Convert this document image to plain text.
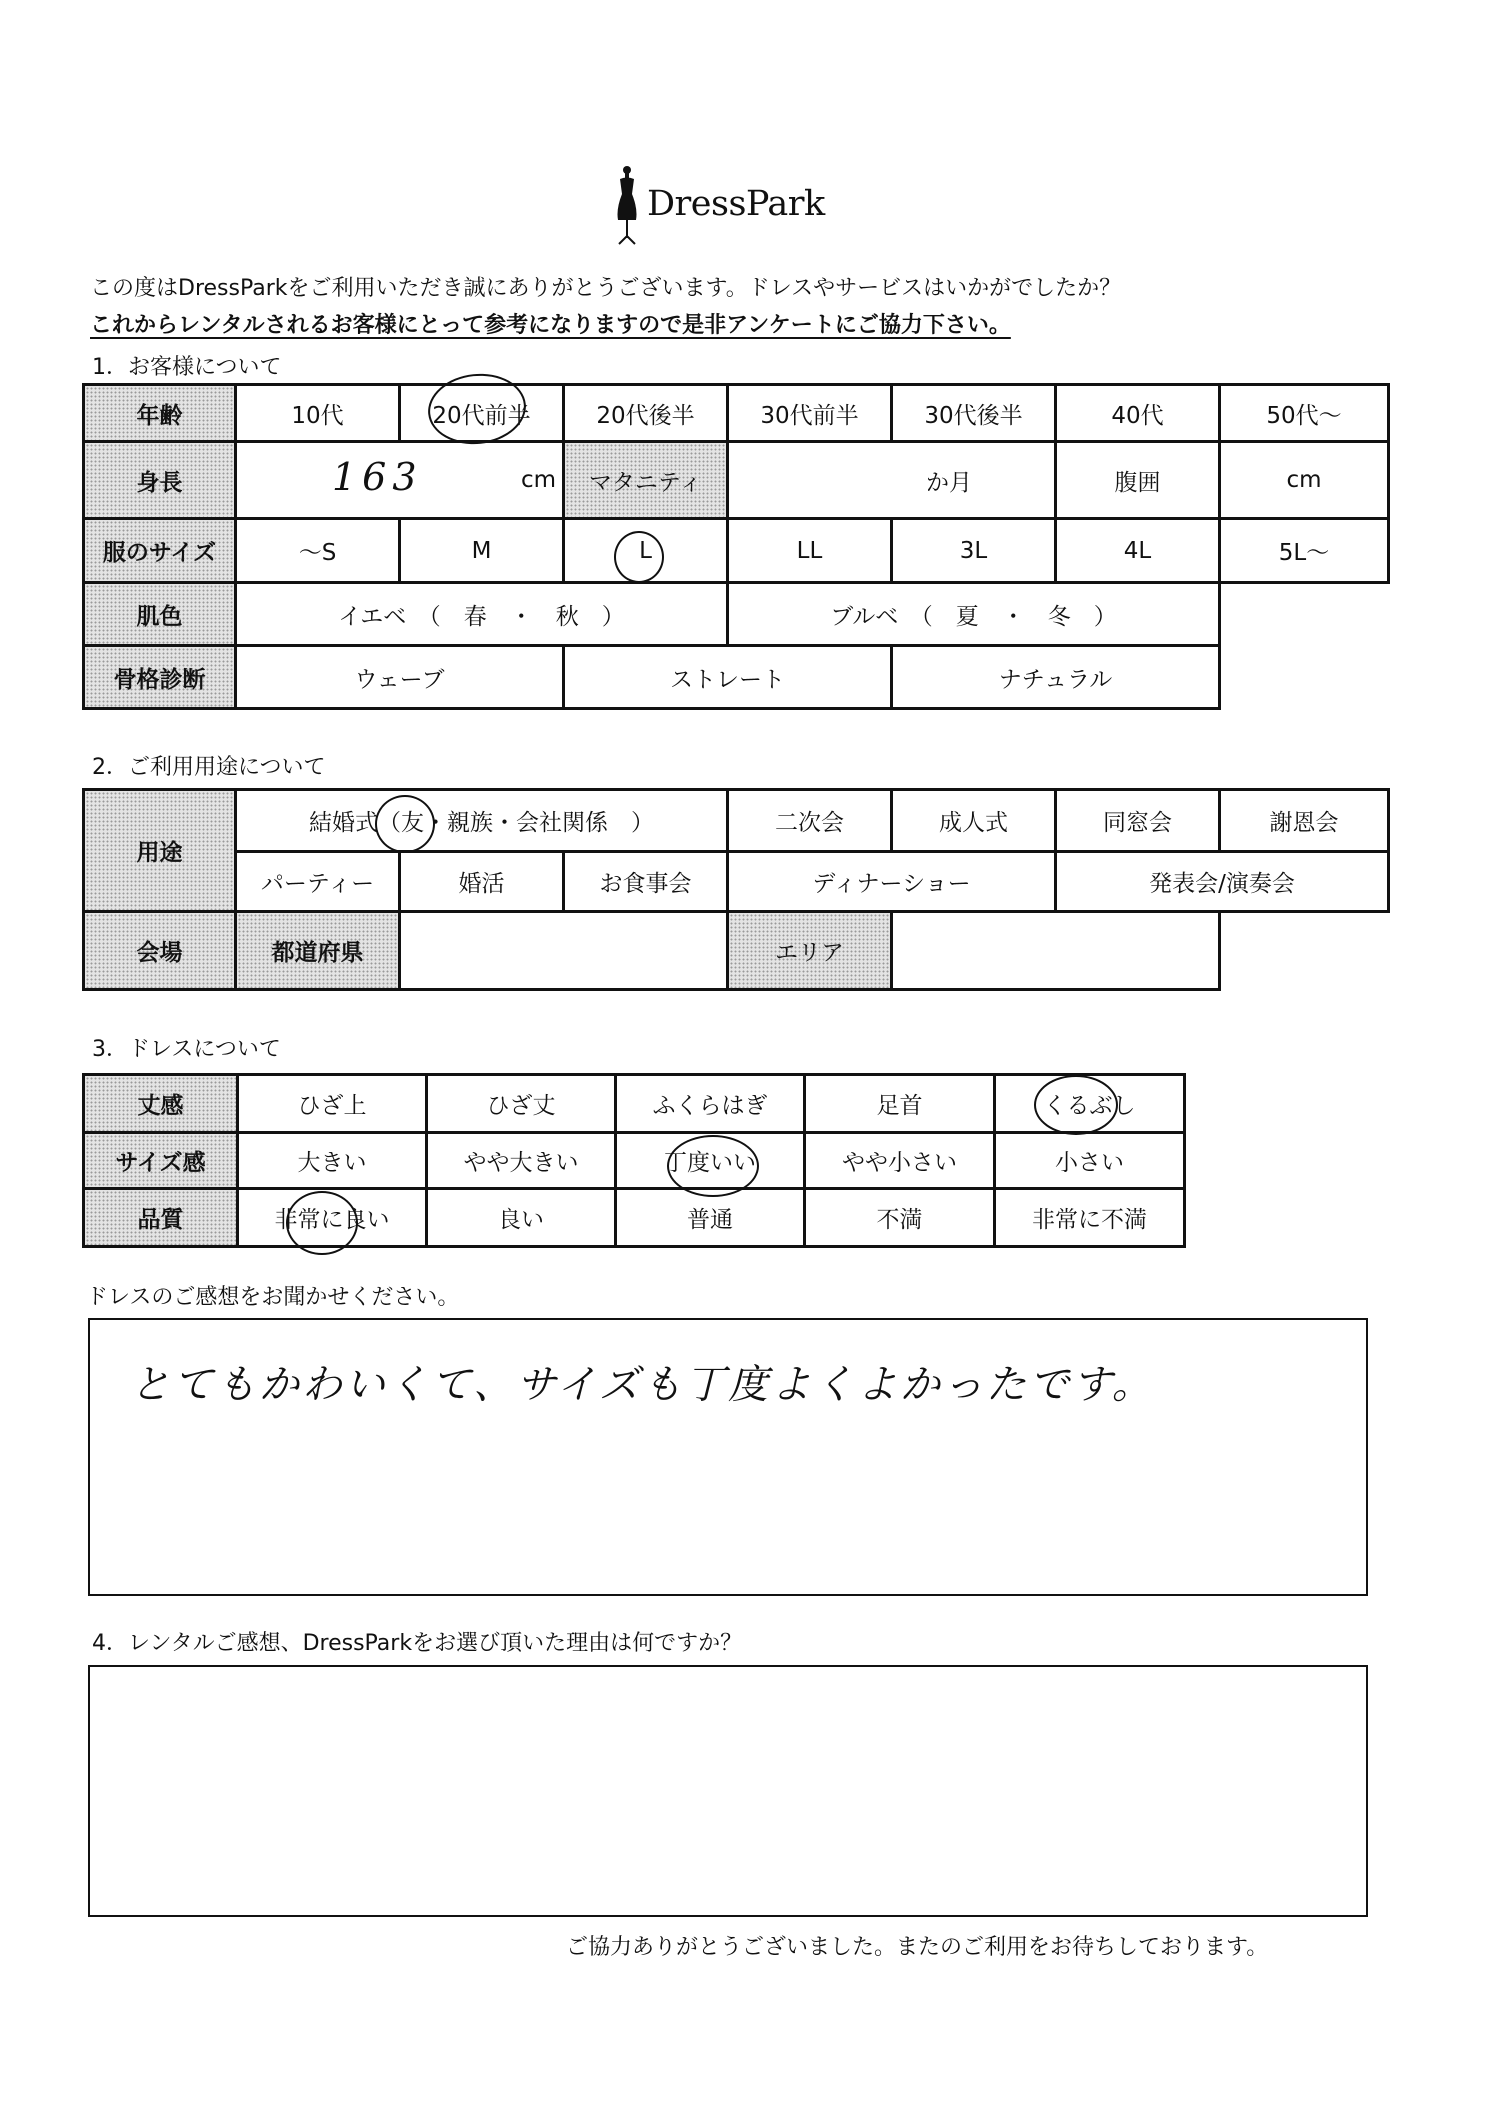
DressPark
この度はDressParkをご利用いただき誠にありがとうございます。ドレスやサービスはいかがでしたか？
これからレンタルされるお客様にとって参考になりますので是非アンケートにご協力下さい。
1．お客様について
年齢	10代	20代前半	20代後半	30代前半	30代後半	40代	50代～
身長	163 cm		マタニティ	か月		腹囲	cm
服のサイズ	～S	M	L	LL	3L	4L	5L～
肌色	イエベ　（　春　・　秋　）			ブルベ　（　夏　・　冬　）			
骨格診断	ウェーブ		ストレート		ナチュラル		
2．ご利用用途について
用途	結婚式（友・親族・会社関係　）			二次会	成人式	同窓会	謝恩会
	パーティー	婚活	お食事会	ディナーショー		発表会/演奏会	
会場	都道府県			エリア			
3．ドレスについて
丈感	ひざ上	ひざ丈	ふくらはぎ	足首	くるぶし
サイズ感	大きい	やや大きい	丁度いい	やや小さい	小さい
品質	非常に良い	良い	普通	不満	非常に不満
ドレスのご感想をお聞かせください。
とてもかわいくて、サイズも丁度よくよかったです。
4．レンタルご感想、DressParkをお選び頂いた理由は何ですか？
ご協力ありがとうございました。またのご利用をお待ちしております。
